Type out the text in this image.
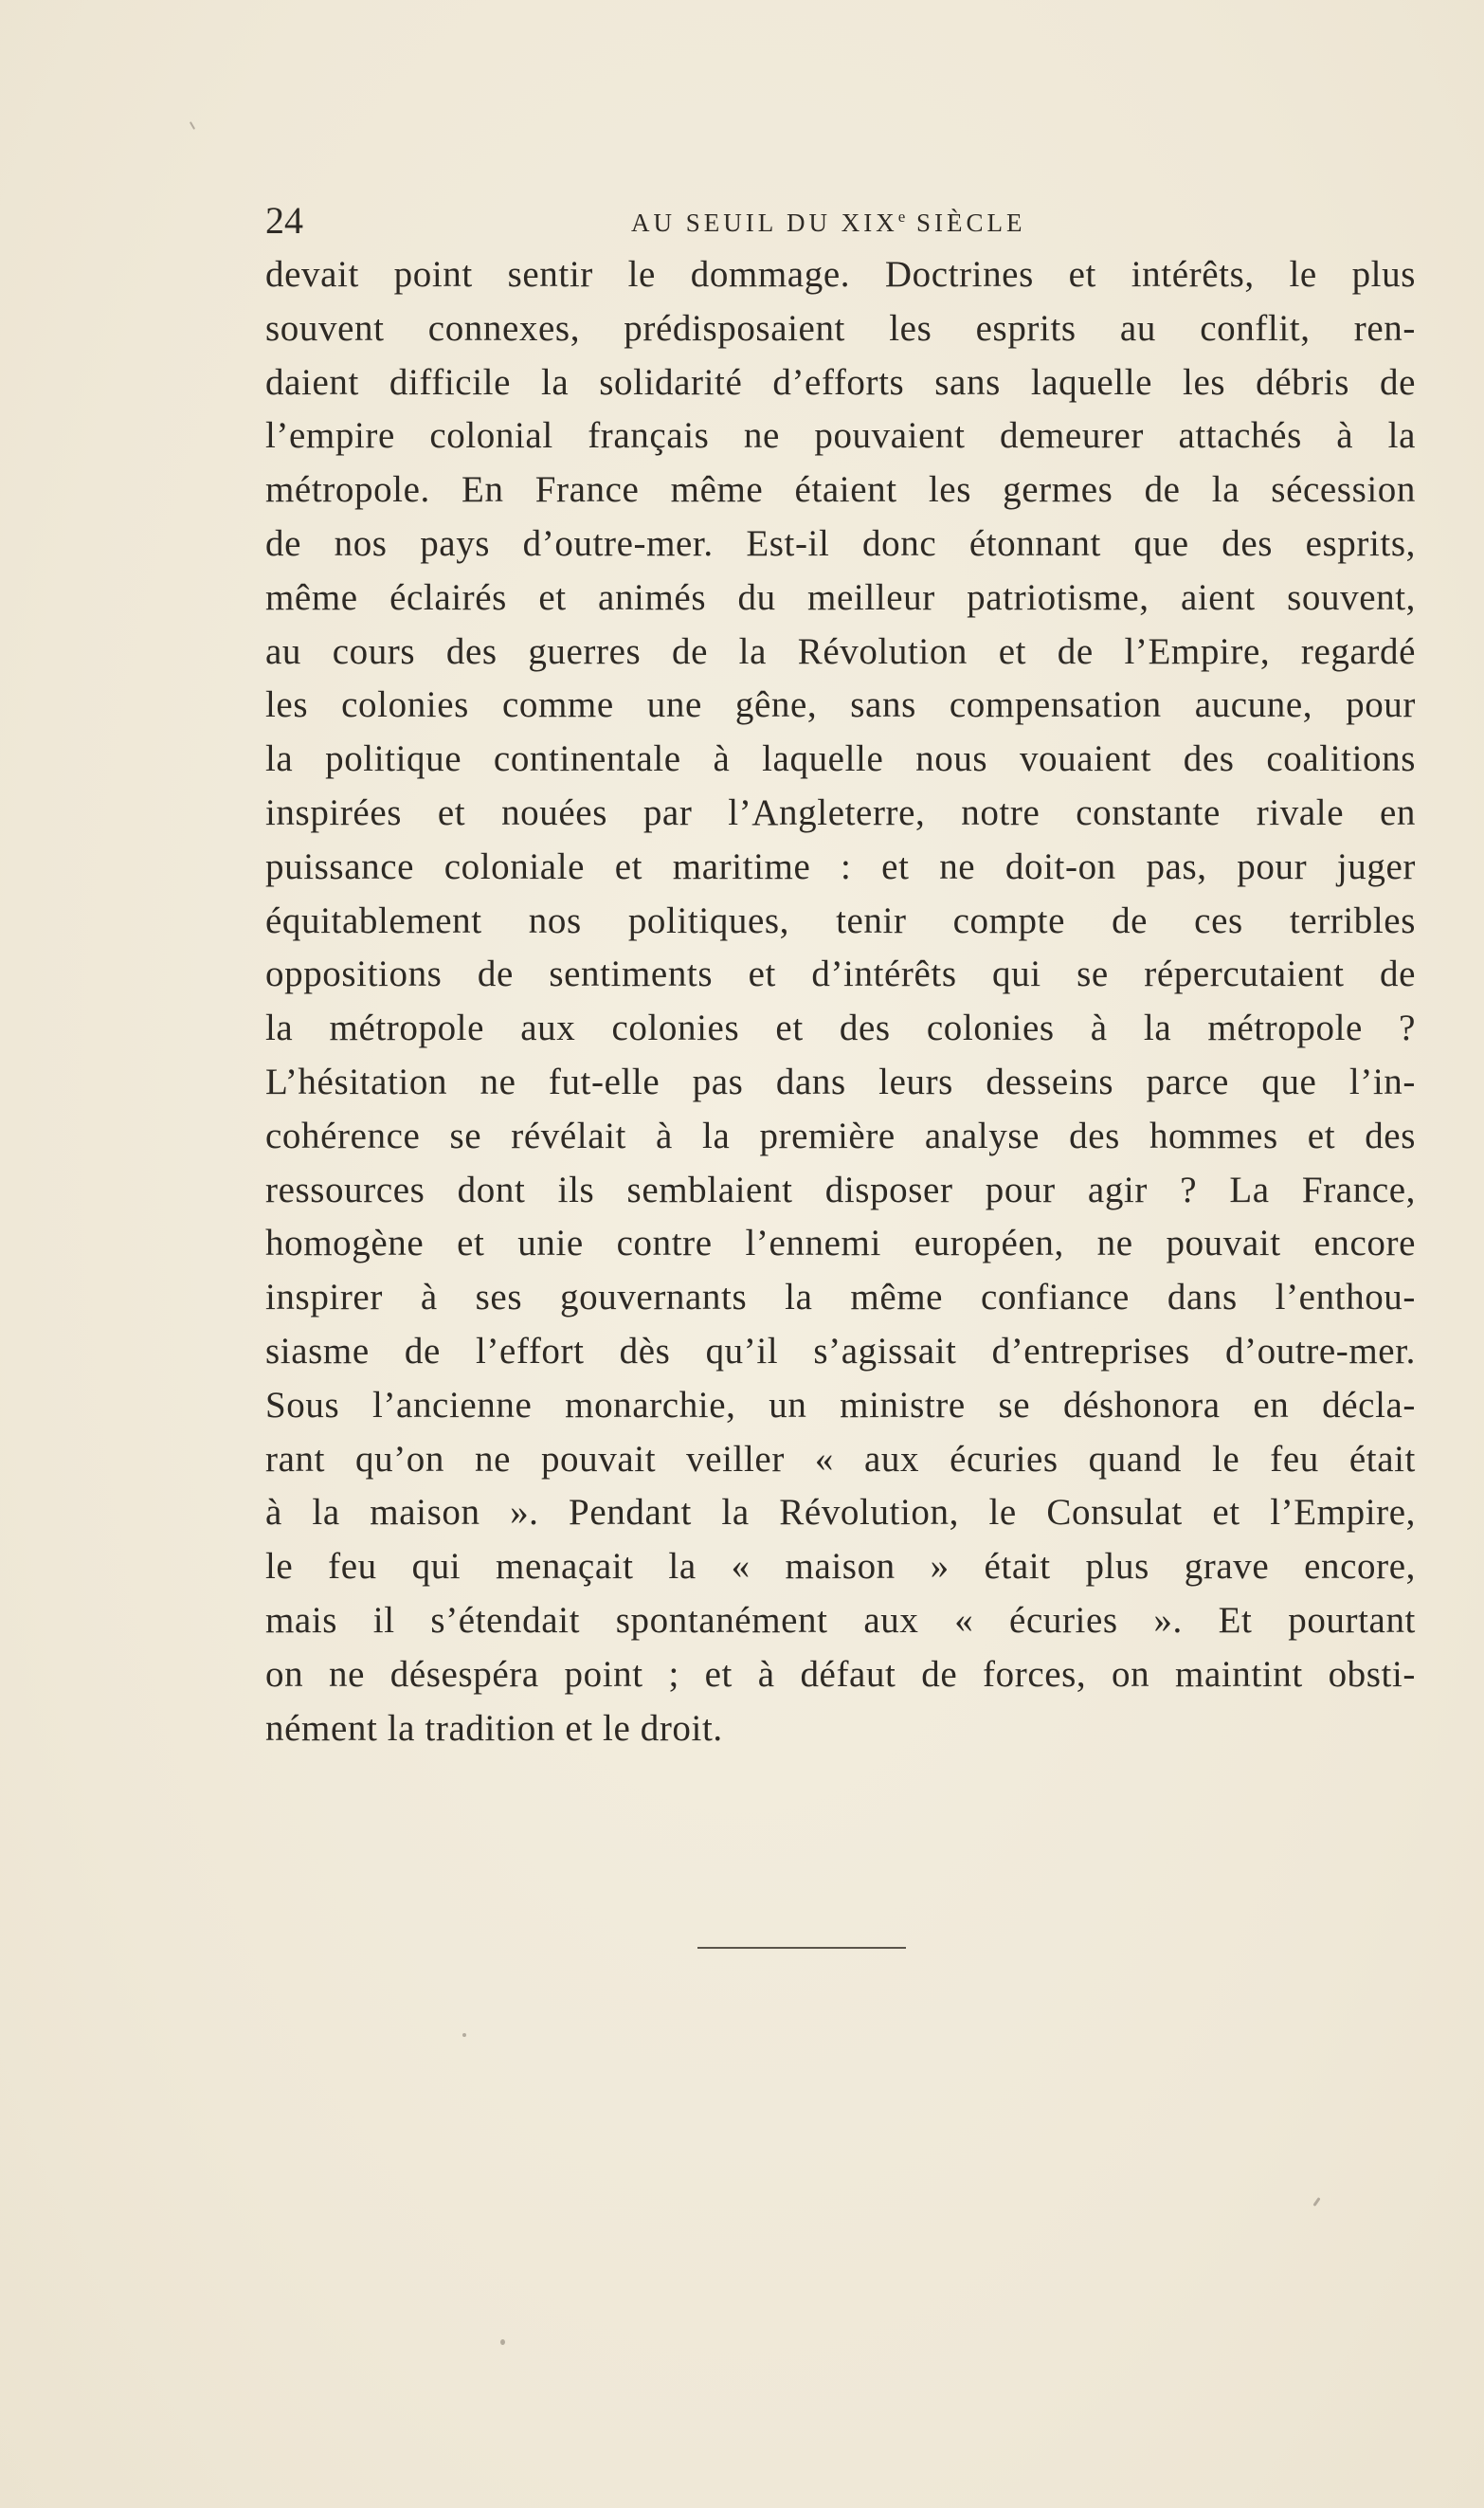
24	AU SEUIL DU XIXe SIÈCLE
devait point sentir le dommage. Doctrines et intérêts, le plus
souvent connexes, prédisposaient les esprits au conflit, ren-
daient difficile la solidarité d’efforts sans laquelle les débris de
l’empire colonial français ne pouvaient demeurer attachés à la
métropole. En France même étaient les germes de la sécession
de nos pays d’outre-mer. Est-il donc étonnant que des esprits,
même éclairés et animés du meilleur patriotisme, aient souvent,
au cours des guerres de la Révolution et de l’Empire, regardé
les colonies comme une gêne, sans compensation aucune, pour
la politique continentale à laquelle nous vouaient des coalitions
inspirées et nouées par l’Angleterre, notre constante rivale en
puissance coloniale et maritime : et ne doit-on pas, pour juger
équitablement nos politiques, tenir compte de ces terribles
oppositions de sentiments et d’intérêts qui se répercutaient de
la métropole aux colonies et des colonies à la métropole ?
L’hésitation ne fut-elle pas dans leurs desseins parce que l’in-
cohérence se révélait à la première analyse des hommes et des
ressources dont ils semblaient disposer pour agir ? La France,
homogène et unie contre l’ennemi européen, ne pouvait encore
inspirer à ses gouvernants la même confiance dans l’enthou-
siasme de l’effort dès qu’il s’agissait d’entreprises d’outre-mer.
Sous l’ancienne monarchie, un ministre se déshonora en décla-
rant qu’on ne pouvait veiller « aux écuries quand le feu était
à la maison ». Pendant la Révolution, le Consulat et l’Empire,
le feu qui menaçait la « maison » était plus grave encore,
mais il s’étendait spontanément aux « écuries ». Et pourtant
on ne désespéra point ; et à défaut de forces, on maintint obsti-
nément la tradition et le droit.
